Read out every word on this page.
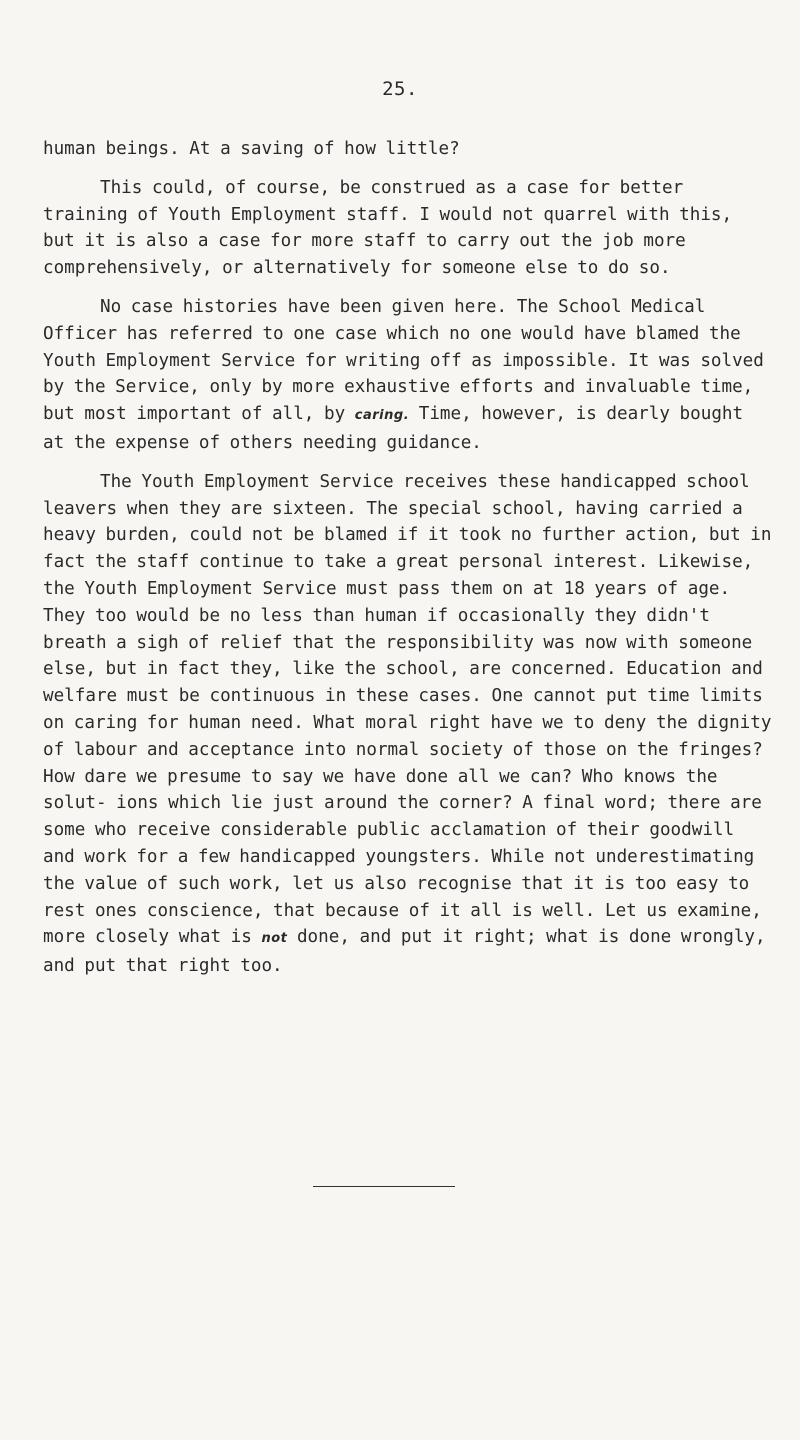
25.

human beings. At a saving of how little?

This could, of course, be construed as a case for better training of Youth Employment staff. I would not quarrel with this, but it is also a case for more staff to carry out the job more comprehensively, or alternatively for someone else to do so.

No case histories have been given here. The School Medical Officer has referred to one case which no one would have blamed the Youth Employment Service for writing off as impossible. It was solved by the Service, only by more exhaustive efforts and invaluable time, but most important of all, by caring. Time, however, is dearly bought at the expense of others needing guidance.

The Youth Employment Service receives these handicapped school leavers when they are sixteen. The special school, having carried a heavy burden, could not be blamed if it took no further action, but in fact the staff continue to take a great personal interest. Likewise, the Youth Employment Service must pass them on at 18 years of age. They too would be no less than human if occasionally they didn't breath a sigh of relief that the responsibility was now with someone else, but in fact they, like the school, are concerned. Education and welfare must be continuous in these cases. One cannot put time limits on caring for human need. What moral right have we to deny the dignity of labour and acceptance into normal society of those on the fringes? How dare we presume to say we have done all we can? Who knows the solut- ions which lie just around the corner? A final word; there are some who receive considerable public acclamation of their goodwill and work for a few handicapped youngsters. While not underestimating the value of such work, let us also recognise that it is too easy to rest ones conscience, that because of it all is well. Let us examine, more closely what is not done, and put it right; what is done wrongly, and put that right too.
